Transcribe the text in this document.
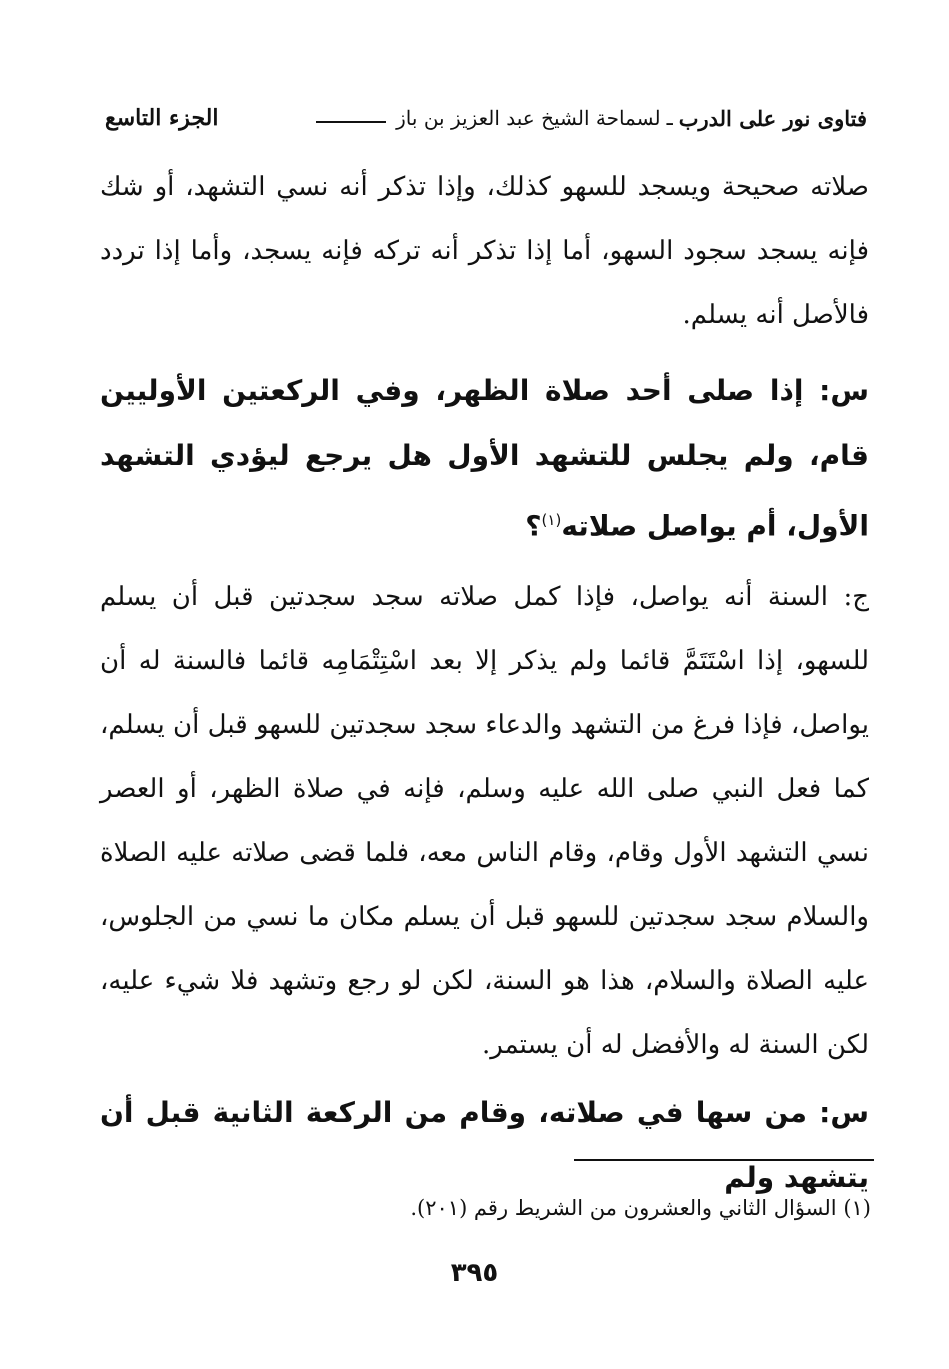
فتاوى نور على الدرب
ـ
لسماحة الشيخ عبد العزيز بن باز
الجزء التاسع

صلاته صحيحة ويسجد للسهو كذلك، وإذا تذكر أنه نسي التشهد، أو شك فإنه يسجد سجود السهو، أما إذا تذكر أنه تركه فإنه يسجد، وأما إذا تردد فالأصل أنه يسلم.

س: إذا صلى أحد صلاة الظهر، وفي الركعتين الأوليين قام، ولم يجلس للتشهد الأول هل يرجع ليؤدي التشهد الأول، أم يواصل صلاته$^{(١)}$؟

ج: السنة أنه يواصل، فإذا كمل صلاته سجد سجدتين قبل أن يسلم للسهو، إذا اسْتَتَمَّ قائما ولم يذكر إلا بعد اسْتِتْمَامِه قائما فالسنة له أن يواصل، فإذا فرغ من التشهد والدعاء سجد سجدتين للسهو قبل أن يسلم، كما فعل النبي صلى الله عليه وسلم، فإنه في صلاة الظهر، أو العصر نسي التشهد الأول وقام، وقام الناس معه، فلما قضى صلاته عليه الصلاة والسلام سجد سجدتين للسهو قبل أن يسلم مكان ما نسي من الجلوس، عليه الصلاة والسلام، هذا هو السنة، لكن لو رجع وتشهد فلا شيء عليه، لكن السنة له والأفضل له أن يستمر.

س: من سها في صلاته، وقام من الركعة الثانية قبل أن يتشهد ولم

(١) السؤال الثاني والعشرون من الشريط رقم (٢٠١).

٣٩٥
